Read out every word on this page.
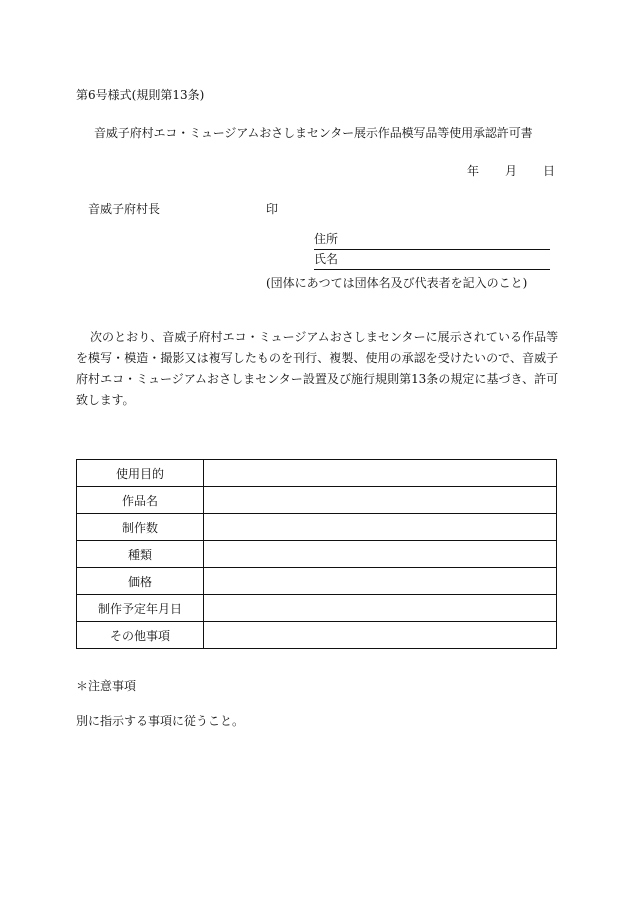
第6号様式(規則第13条)
音威子府村エコ・ミュージアムおさしまセンター展示作品模写品等使用承認許可書
年 月 日
音威子府村長	印
住所
氏名
(団体にあつては団体名及び代表者を記入のこと)
次のとおり、音威子府村エコ・ミュージアムおさしまセンターに展示されている作品等を模写・模造・撮影又は複写したものを刊行、複製、使用の承認を受けたいので、音威子府村エコ・ミュージアムおさしまセンター設置及び施行規則第13条の規定に基づき、許可致します。
使用目的	
作品名	
制作数	
種類	
価格	
制作予定年月日	
その他事項	
＊注意事項
別に指示する事項に従うこと。
